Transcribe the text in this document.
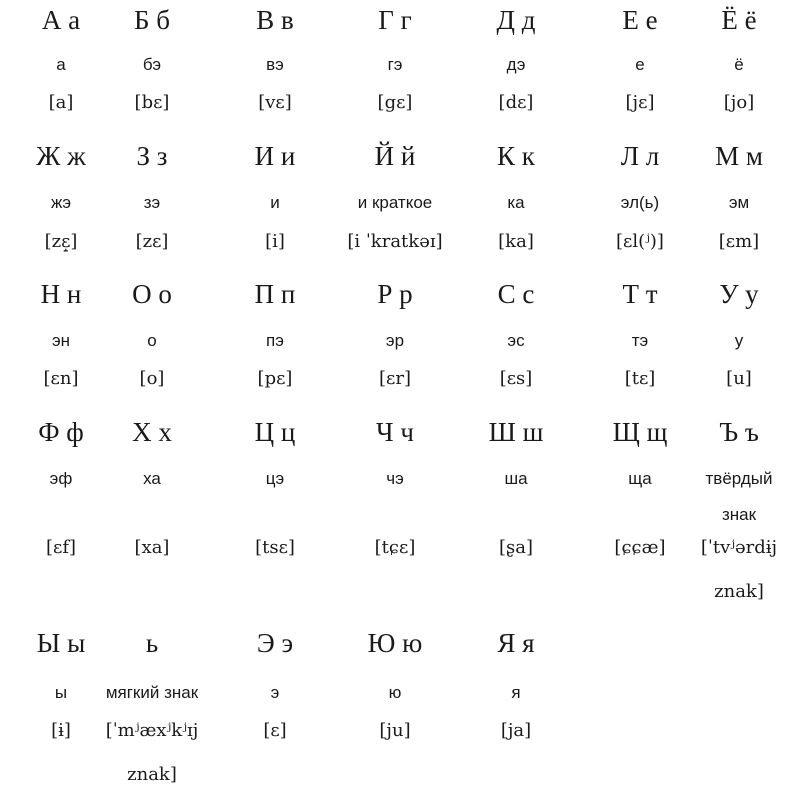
А а
а
[a]
Б б
бэ
[bɛ]
В в
вэ
[vɛ]
Г г
гэ
[gɛ]
Д д
дэ
[dɛ]
Е е
е
[jɛ]
Ё ё
ё
[jo]
Ж ж
жэ
[zɛ̝]
З з
зэ
[zɛ]
И и
и
[i]
Й й
и краткое
[i ˈkratkəɪ]
К к
ка
[ka]
Л л
эл(ь)
[ɛl(ʲ)]
М м
эм
[ɛm]
Н н
эн
[ɛn]
О о
о
[o]
П п
пэ
[pɛ]
Р р
эр
[ɛr]
С с
эс
[ɛs]
Т т
тэ
[tɛ]
У у
у
[u]
Ф ф
эф
[ɛf]
Х х
ха
[xa]
Ц ц
цэ
[tsɛ]
Ч ч
чэ
[tɕɛ]
Ш ш
ша
[ʂa]
Щ щ
ща
[ɕɕæ]
Ъ ъ
твёрдый знак
[ˈtvʲərdɨj znak]
Ы ы
ы
[ɨ]
ь
мягкий знак
[ˈmʲæxʲkʲɪj znak]
Э э
э
[ɛ]
Ю ю
ю
[ju]
Я я
я
[ja]
